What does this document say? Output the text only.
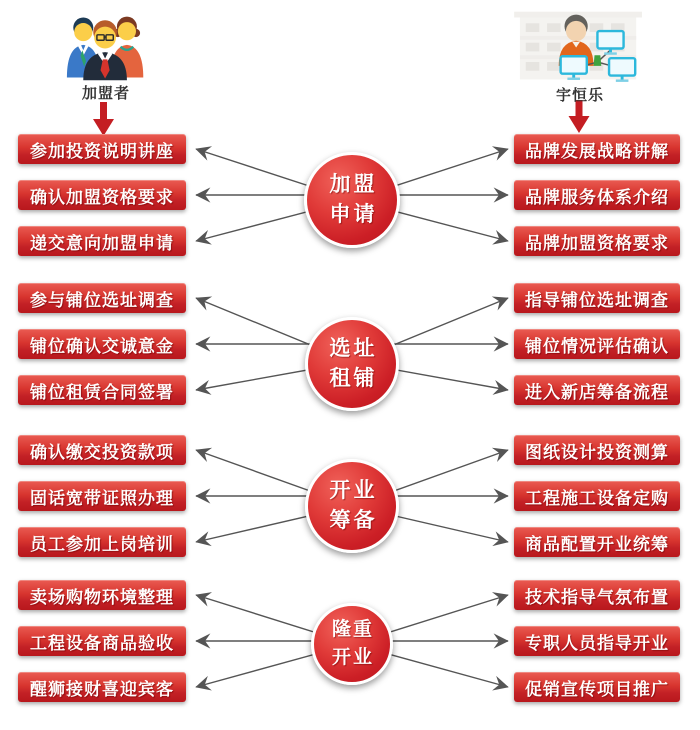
加盟者	宇恒乐
参加投资说明讲座
确认加盟资格要求
递交意向加盟申请
品牌发展战略讲解
品牌服务体系介绍
品牌加盟资格要求
加盟
申请
参与铺位选址调查
铺位确认交诚意金
铺位租赁合同签署
指导铺位选址调查
铺位情况评估确认
进入新店筹备流程
选址
租铺
确认缴交投资款项
固话宽带证照办理
员工参加上岗培训
图纸设计投资测算
工程施工设备定购
商品配置开业统筹
开业
筹备
卖场购物环境整理
工程设备商品验收
醒狮接财喜迎宾客
技术指导气氛布置
专职人员指导开业
促销宣传项目推广
隆重
开业
